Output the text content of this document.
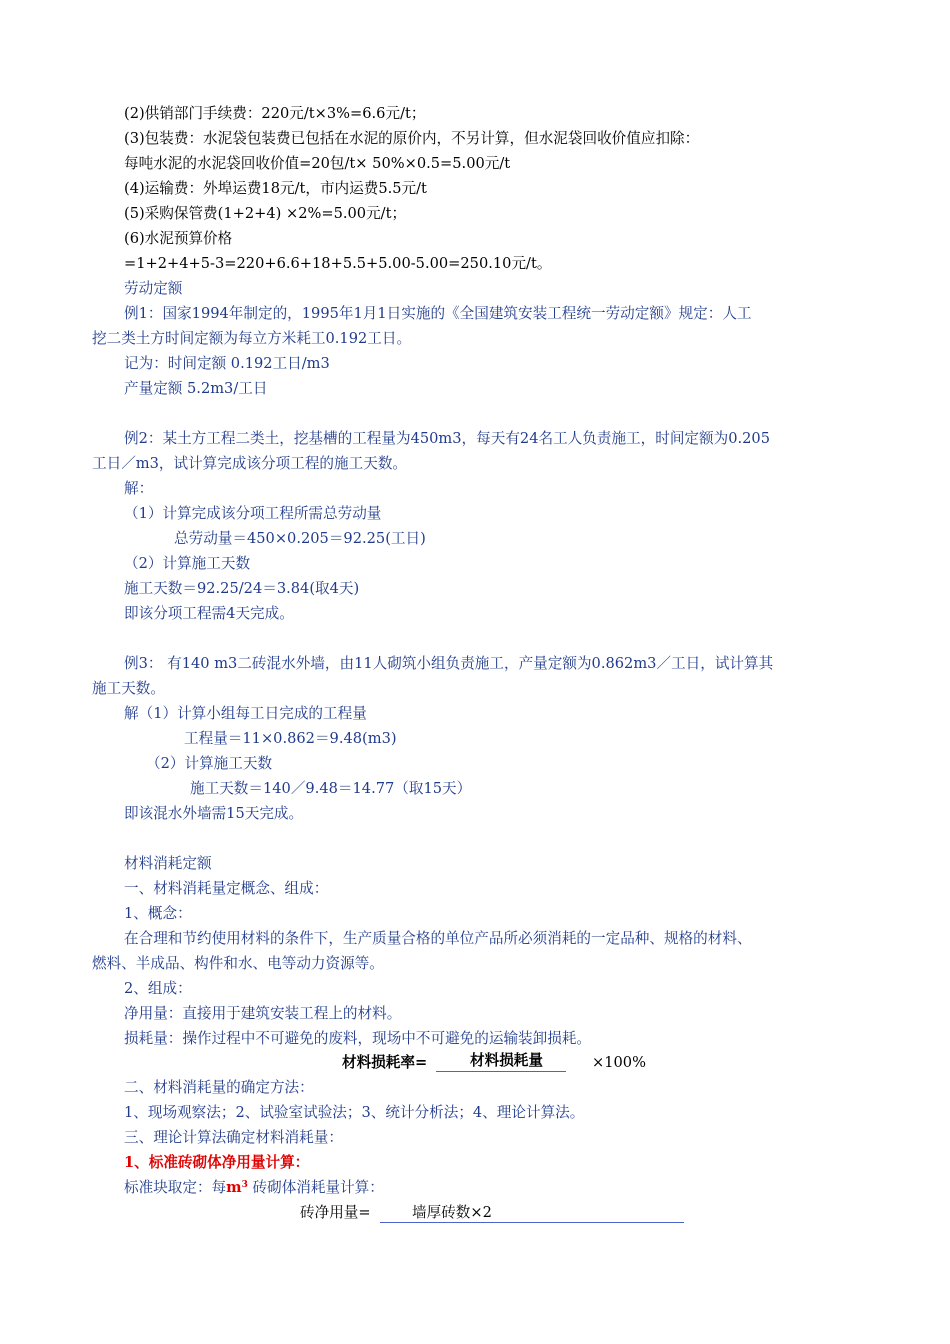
(2)供销部门手续费：220元/t×3%=6.6元/t；
(3)包装费：水泥袋包装费已包括在水泥的原价内，不另计算，但水泥袋回收价值应扣除：
每吨水泥的水泥袋回收价值=20包/t× 50%×0.5=5.00元/t
(4)运输费：外埠运费18元/t，市内运费5.5元/t
(5)采购保管费(1+2+4) ×2%=5.00元/t；
(6)水泥预算价格
=1+2+4+5-3=220+6.6+18+5.5+5.00-5.00=250.10元/t。
劳动定额
例1：国家1994年制定的，1995年1月1日实施的《全国建筑安装工程统一劳动定额》规定：人工
挖二类土方时间定额为每立方米耗工0.192工日。
记为：时间定额 0.192工日/m3
产量定额 5.2m3/工日
例2：某土方工程二类土，挖基槽的工程量为450m3，每天有24名工人负责施工，时间定额为0.205
工日／m3，试计算完成该分项工程的施工天数。
解：
（1）计算完成该分项工程所需总劳动量
总劳动量＝450×0.205＝92.25(工日)
（2）计算施工天数
施工天数＝92.25/24＝3.84(取4天)
即该分项工程需4天完成。
例3： 有140 m3二砖混水外墙，由11人砌筑小组负责施工，产量定额为0.862m3／工日，试计算其
施工天数。
解（1）计算小组每工日完成的工程量
工程量＝11×0.862＝9.48(m3)
（2）计算施工天数
施工天数＝140／9.48＝14.77（取15天）
即该混水外墙需15天完成。
材料消耗定额
一、材料消耗量定概念、组成：
1、概念：
在合理和节约使用材料的条件下，生产质量合格的单位产品所必须消耗的一定品种、规格的材料、
燃料、半成品、构件和水、电等动力资源等。
2、组成：
净用量：直接用于建筑安装工程上的材料。
损耗量：操作过程中不可避免的废料，现场中不可避免的运输装卸损耗。
材料损耗率=	材料损耗量	×100%
二、材料消耗量的确定方法：
1、现场观察法；2、试验室试验法；3、统计分析法；4、理论计算法。
三、理论计算法确定材料消耗量：
1、标准砖砌体净用量计算：
标准块取定：每$m^3$ 砖砌体消耗量计算：
砖净用量=	墙厚砖数×2
